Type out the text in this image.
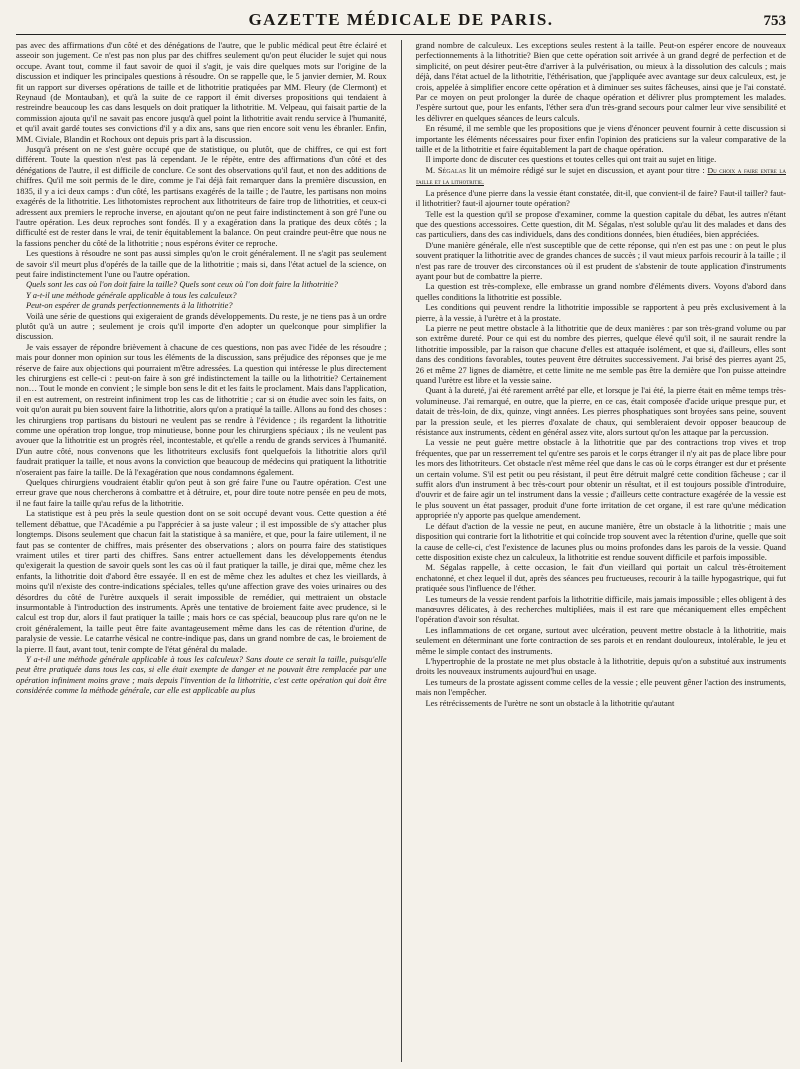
GAZETTE MÉDICALE DE PARIS.	753

pas avec des affirmations d'un côté et des dénégations de l'autre, que le public médical peut être éclairé et asseoir son jugement. Ce n'est pas non plus par des chiffres seulement qu'on peut élucider le sujet qui nous occupe. Avant tout, comme il faut savoir de quoi il s'agit, je vais dire quelques mots sur l'origine de la discussion et indiquer les principales questions à résoudre. On se rappelle que, le 5 janvier dernier, M. Roux fit un rapport sur diverses opérations de taille et de lithotritie pratiquées par MM. Fleury (de Clermont) et Reynaud (de Montauban), et qu'à la suite de ce rapport il émit diverses propositions qui tendaient à restreindre beaucoup les cas dans lesquels on doit pratiquer la lithotritie. M. Velpeau, qui faisait partie de la commission ajouta qu'il ne savait pas encore jusqu'à quel point la lithotritie avait rendu service à l'humanité, et qu'il avait gardé toutes ses convictions d'il y a dix ans, sans que rien encore soit venu les ébranler. Enfin, MM. Civiale, Blandin et Rochoux ont depuis pris part à la discussion.

Jusqu'à présent on ne s'est guère occupé que de statistique, ou plutôt, que de chiffres, ce qui est fort différent. Toute la question n'est pas là cependant. Je le répète, entre des affirmations d'un côté et des dénégations de l'autre, il est difficile de conclure. Ce sont des observations qu'il faut, et non des additions de chiffres. Qu'il me soit permis de le dire, comme je l'ai déjà fait remarquer dans la première discussion, en 1835, il y a ici deux camps : d'un côté, les partisans exagérés de la taille ; de l'autre, les partisans non moins exagérés de la lithotritie. Les lithotomistes reprochent aux lithotriteurs de faire trop de lithotrities, et ceux-ci adressent aux premiers le reproche inverse, en ajoutant qu'on ne peut faire indistinctement à son gré l'une ou l'autre opération. Les deux reproches sont fondés. Il y a exagération dans la pratique des deux côtés ; la difficulté est de rester dans le vrai, de tenir équitablement la balance. On peut craindre peut-être que nous ne la fassions pencher du côté de la lithotritie ; nous espérons éviter ce reproche.

Les questions à résoudre ne sont pas aussi simples qu'on le croit généralement. Il ne s'agit pas seulement de savoir s'il meurt plus d'opérés de la taille que de la lithotritie ; mais si, dans l'état actuel de la science, on peut faire indistinctement l'une ou l'autre opération.

Quels sont les cas où l'on doit faire la taille? Quels sont ceux où l'on doit faire la lithotritie?

Y a-t-il une méthode générale applicable à tous les calculeux?

Peut-on espérer de grands perfectionnements à la lithotritie?

Voilà une série de questions qui exigeraient de grands développements. Du reste, je ne tiens pas à un ordre plutôt qu'à un autre ; seulement je crois qu'il importe d'en adopter un quelconque pour simplifier la discussion.

Je vais essayer de répondre brièvement à chacune de ces questions, non pas avec l'idée de les résoudre ; mais pour donner mon opinion sur tous les éléments de la discussion, sans préjudice des réponses que je me réserve de faire aux objections qui pourraient m'être adressées. La question qui intéresse le plus directement les chirurgiens est celle-ci : peut-on faire à son gré indistinctement la taille ou la lithotritie? Certainement non… Tout le monde en convient ; le simple bon sens le dit et les faits le proclament. Mais dans l'application, il en est autrement, on restreint infiniment trop les cas de lithotritie ; car si on étudie avec soin les faits, on voit qu'on aurait pu bien souvent faire la lithotritie, alors qu'on a pratiqué la taille. Allons au fond des choses : les chirurgiens trop partisans du bistouri ne veulent pas se rendre à l'évidence ; ils regardent la lithotritie comme une opération trop longue, trop minutieuse, bonne pour les chirurgiens spéciaux ; ils ne veulent pas avouer que la lithotritie est un progrès réel, incontestable, et qu'elle a rendu de grands services à l'humanité. D'un autre côté, nous convenons que les lithotriteurs exclusifs font quelquefois la lithotritie alors qu'il faudrait pratiquer la taille, et nous avons la conviction que beaucoup de médecins qui pratiquent la lithotritie n'oseraient pas faire la taille. De là l'exagération que nous condamnons également.

Quelques chirurgiens voudraient établir qu'on peut à son gré faire l'une ou l'autre opération. C'est une erreur grave que nous chercherons à combattre et à détruire, et, pour dire toute notre pensée en peu de mots, il ne faut faire la taille qu'au refus de la lithotritie.

La statistique est à peu près la seule question dont on se soit occupé devant vous. Cette question a été tellement débattue, que l'Académie a pu l'apprécier à sa juste valeur ; il est impossible de s'y attacher plus longtemps. Disons seulement que chacun fait la statistique à sa manière, et que, pour la faire utilement, il ne faut pas se contenter de chiffres, mais présenter des observations ; alors on pourra faire des statistiques vraiment utiles et tirer parti des chiffres. Sans entrer actuellement dans les développements étendus qu'exigerait la question de savoir quels sont les cas où il faut pratiquer la taille, je dirai que, même chez les enfants, la lithotritie doit d'abord être essayée. Il en est de même chez les adultes et chez les vieillards, à moins qu'il n'existe des contre-indications spéciales, telles qu'une affection grave des voies urinaires ou des désordres du côté de l'urètre auxquels il serait impossible de remédier, qui mettraient un obstacle insurmontable à l'introduction des instruments. Après une tentative de broiement faite avec prudence, si le calcul est trop dur, alors il faut pratiquer la taille ; mais hors ce cas spécial, beaucoup plus rare qu'on ne le croit généralement, la taille peut être faite avantageusement même dans les cas de rétention d'urine, de paralysie de vessie. Le catarrhe vésical ne contre-indique pas, dans un grand nombre de cas, le broiement de la pierre. Il faut, avant tout, tenir compte de l'état général du malade.

Y a-t-il une méthode générale applicable à tous les calculeux? Sans doute ce serait la taille, puisqu'elle peut être pratiquée dans tous les cas, si elle était exempte de danger et ne pouvait être remplacée par une opération infiniment moins grave ; mais depuis l'invention de la lithotritie, c'est cette opération qui doit être considérée comme la méthode générale, car elle est applicable au plus

grand nombre de calculeux. Les exceptions seules restent à la taille. Peut-on espérer encore de nouveaux perfectionnements à la lithotritie? Bien que cette opération soit arrivée à un grand degré de perfection et de simplicité, on peut désirer peut-être d'arriver à la pulvérisation, ou mieux à la dissolution des calculs ; mais déjà, dans l'état actuel de la lithotritie, l'éthérisation, que j'appliquée avec avantage sur deux calculeux, est, je crois, appelée à simplifier encore cette opération et à diminuer ses suites fâcheuses, ainsi que je l'ai constaté. Par ce moyen on peut prolonger la durée de chaque opération et délivrer plus promptement les malades. J'espère surtout que, pour les enfants, l'éther sera d'un très-grand secours pour calmer leur vive sensibilité et les délivrer en quelques séances de leurs calculs.

En résumé, il me semble que les propositions que je viens d'énoncer peuvent fournir à cette discussion si importante les éléments nécessaires pour fixer enfin l'opinion des praticiens sur la valeur comparative de la taille et de la lithotritie et faire équitablement la part de chaque opération.

Il importe donc de discuter ces questions et toutes celles qui ont trait au sujet en litige.

M. Ségalas lit un mémoire rédigé sur le sujet en discussion, et ayant pour titre : Du choix a faire entre la taille et la lithotritie.

La présence d'une pierre dans la vessie étant constatée, dit-il, que convient-il de faire? Faut-il tailler? faut-il lithotritier? faut-il ajourner toute opération?

Telle est la question qu'il se propose d'examiner, comme la question capitale du débat, les autres n'étant que des questions accessoires. Cette question, dit M. Ségalas, n'est soluble qu'au lit des malades et dans des cas particuliers, dans des cas individuels, dans des conditions données, bien étudiées, bien appréciées.

D'une manière générale, elle n'est susceptible que de cette réponse, qui n'en est pas une : on peut le plus souvent pratiquer la lithotritie avec de grandes chances de succès ; il vaut mieux parfois recourir à la taille ; il n'est pas rare de trouver des circonstances où il est prudent de s'abstenir de toute application d'instruments ayant pour but de combattre la pierre.

La question est très-complexe, elle embrasse un grand nombre d'éléments divers. Voyons d'abord dans quelles conditions la lithotritie est possible.

Les conditions qui peuvent rendre la lithotritie impossible se rapportent à peu près exclusivement à la pierre, à la vessie, à l'urètre et à la prostate.

La pierre ne peut mettre obstacle à la lithotritie que de deux manières : par son très-grand volume ou par son extrême dureté. Pour ce qui est du nombre des pierres, quelque élevé qu'il soit, il ne saurait rendre la lithotritie impossible, par la raison que chacune d'elles est attaquée isolément, et que si, d'ailleurs, elles sont dans des conditions favorables, toutes peuvent être détruites successivement. J'ai brisé des pierres ayant 25, 26 et même 27 lignes de diamètre, et cette limite ne me semble pas être la dernière que l'on puisse atteindre quand l'urètre est libre et la vessie saine.

Quant à la dureté, j'ai été rarement arrêté par elle, et lorsque je l'ai été, la pierre était en même temps très-volumineuse. J'ai remarqué, en outre, que la pierre, en ce cas, était composée d'acide urique presque pur, et datait de très-loin, de dix, quinze, vingt années. Les pierres phosphatiques sont broyées sans peine, souvent par la pression seule, et les pierres d'oxalate de chaux, qui sembleraient devoir opposer beaucoup de résistance aux instruments, cèdent en général assez vite, alors surtout qu'on les attaque par la percussion.

La vessie ne peut guère mettre obstacle à la lithotritie que par des contractions trop vives et trop fréquentes, que par un resserrement tel qu'entre ses parois et le corps étranger il n'y ait pas de place libre pour les mors des lithotriteurs. Cet obstacle n'est même réel que dans le cas où le corps étranger est dur et présente un certain volume. S'il est petit ou peu résistant, il peut être détruit malgré cette condition fâcheuse ; car il suffit alors d'un instrument à bec très-court pour obtenir un résultat, et il est toujours possible d'introduire, d'ouvrir et de faire agir un tel instrument dans la vessie ; d'ailleurs cette contracture exagérée de la vessie est le plus souvent un état passager, produit d'une forte irritation de cet organe, il est rare qu'une médication appropriée n'y apporte pas quelque amendement.

Le défaut d'action de la vessie ne peut, en aucune manière, être un obstacle à la lithotritie ; mais une disposition qui contrarie fort la lithotritie et qui coïncide trop souvent avec la rétention d'urine, quelle que soit la cause de celle-ci, c'est l'existence de lacunes plus ou moins profondes dans les parois de la vessie. Quand cette disposition existe chez un calculeux, la lithotritie est rendue souvent difficile et parfois impossible.

M. Ségalas rappelle, à cette occasion, le fait d'un vieillard qui portait un calcul très-étroitement enchatonné, et chez lequel il dut, après des séances peu fructueuses, recourir à la taille hypogastrique, qui fut pratiquée sous l'influence de l'éther.

Les tumeurs de la vessie rendent parfois la lithotritie difficile, mais jamais impossible ; elles obligent à des manœuvres délicates, à des recherches multipliées, mais il est rare que mécaniquement elles empêchent l'opération d'avoir son résultat.

Les inflammations de cet organe, surtout avec ulcération, peuvent mettre obstacle à la lithotritie, mais seulement en déterminant une forte contraction de ses parois et en rendant douloureux, intolérable, le jeu et même le simple contact des instruments.

L'hypertrophie de la prostate ne met plus obstacle à la lithotritie, depuis qu'on a substitué aux instruments droits les nouveaux instruments aujourd'hui en usage.

Les tumeurs de la prostate agissent comme celles de la vessie ; elle peuvent gêner l'action des instruments, mais non l'empêcher.

Les rétrécissements de l'urètre ne sont un obstacle à la lithotritie qu'autant
